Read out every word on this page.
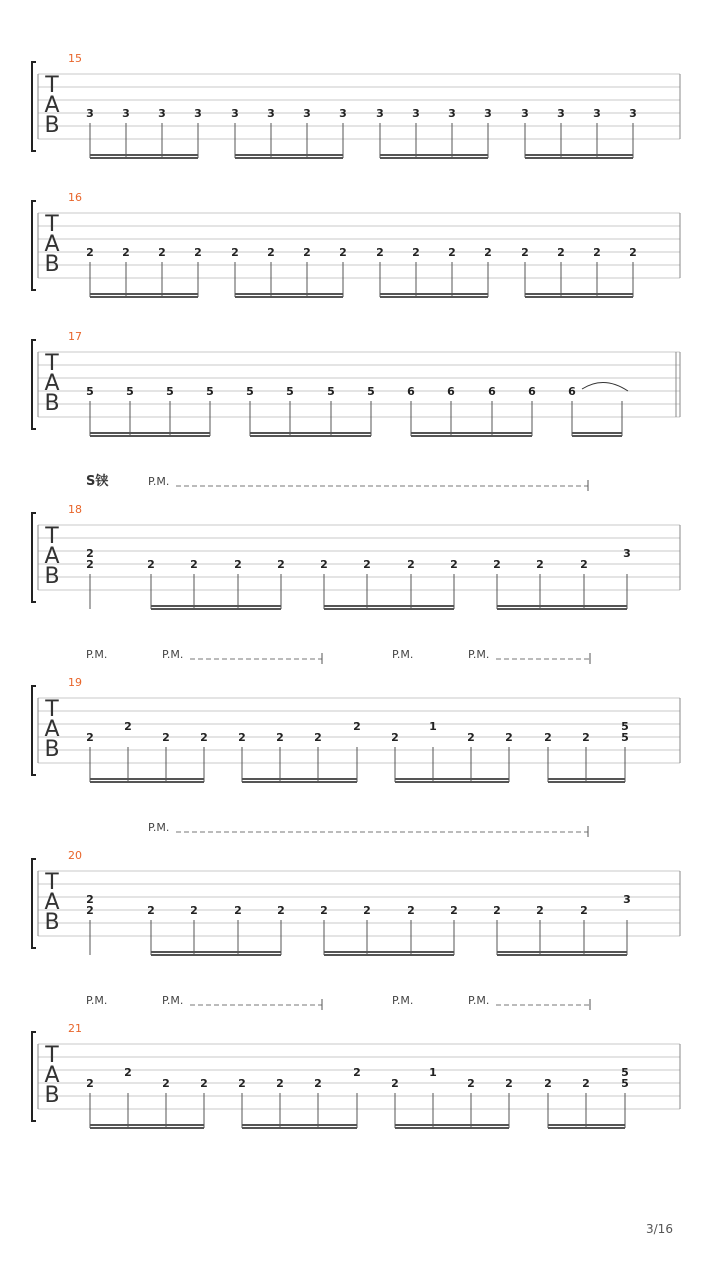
T
A
B
15
3	3	3	3	3	3	3	3	3	3	3	3	3	3	3	3
T
A
B
16
2	2	2	2	2	2	2	2	2	2	2	2	2	2	2	2
T
A
B
17
5	5	5	5	5	5	5	5	6	6	6	6	6
T
A
B
18
S铗	P.M.
2
2	2	2	2	2	2	2	2	2	2	2	2
3
T
A
B
19
P.M.	P.M.	P.M.	P.M.
2
2
2	2	2	2	2
2
2
1
2	2	2	2
5
5
T
A
B
20
P.M.
2
2	2	2	2	2	2	2	2	2	2	2	2
3
T
A
B
21
P.M.	P.M.	P.M.	P.M.
2
2
2	2	2	2	2
2
2
1
2	2	2	2
5
5
3/16
